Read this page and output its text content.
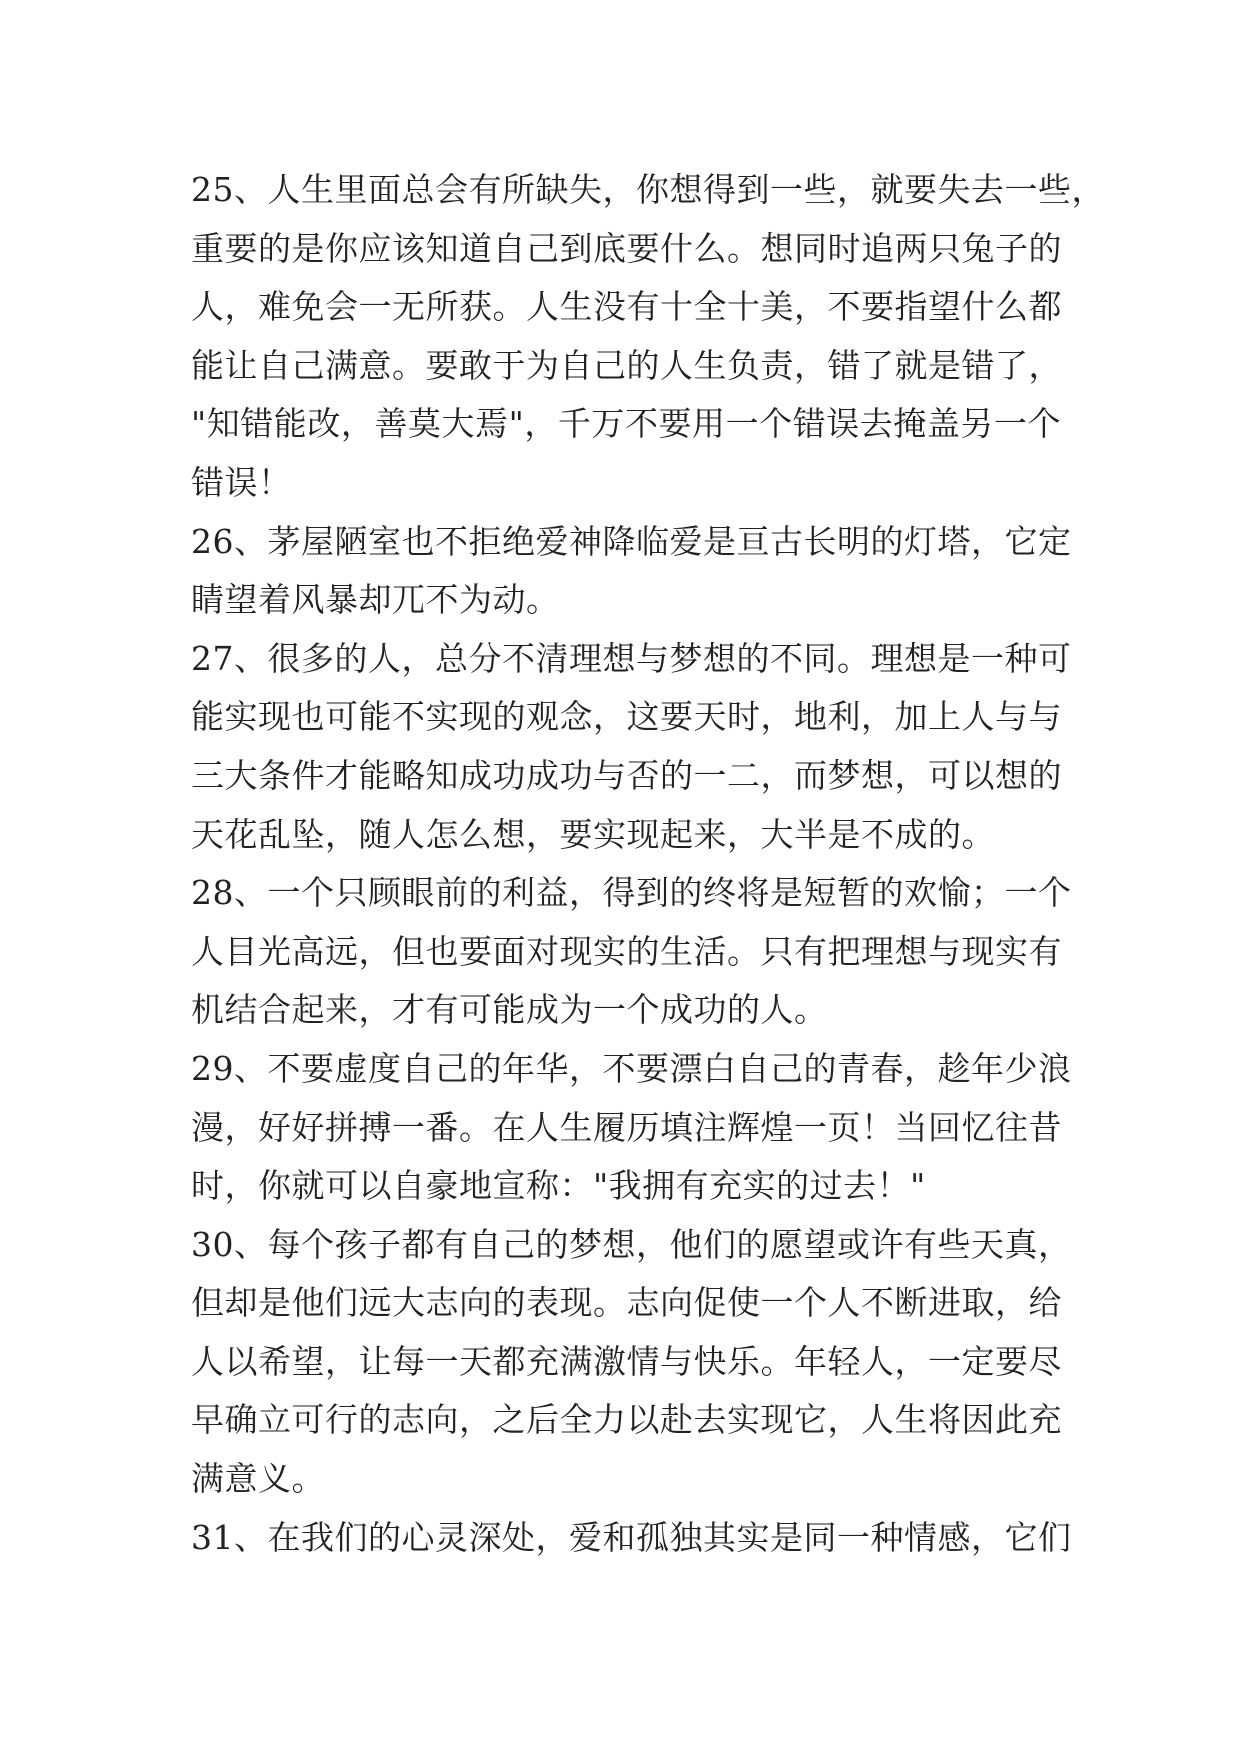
25、人生里面总会有所缺失，你想得到一些，就要失去一些，
重要的是你应该知道自己到底要什么。想同时追两只兔子的
人，难免会一无所获。人生没有十全十美，不要指望什么都
能让自己满意。要敢于为自己的人生负责，错了就是错了，
"知错能改，善莫大焉"，千万不要用一个错误去掩盖另一个
错误！
26、茅屋陋室也不拒绝爱神降临爱是亘古长明的灯塔，它定
睛望着风暴却兀不为动。
27、很多的人，总分不清理想与梦想的不同。理想是一种可
能实现也可能不实现的观念，这要天时，地利，加上人与与
三大条件才能略知成功成功与否的一二，而梦想，可以想的
天花乱坠，随人怎么想，要实现起来，大半是不成的。
28、一个只顾眼前的利益，得到的终将是短暂的欢愉；一个
人目光高远，但也要面对现实的生活。只有把理想与现实有
机结合起来，才有可能成为一个成功的人。
29、不要虚度自己的年华，不要漂白自己的青春，趁年少浪
漫，好好拼搏一番。在人生履历填注辉煌一页！当回忆往昔
时，你就可以自豪地宣称："我拥有充实的过去！"
30、每个孩子都有自己的梦想，他们的愿望或许有些天真，
但却是他们远大志向的表现。志向促使一个人不断进取，给
人以希望，让每一天都充满激情与快乐。年轻人，一定要尽
早确立可行的志向，之后全力以赴去实现它，人生将因此充
满意义。
31、在我们的心灵深处，爱和孤独其实是同一种情感，它们
